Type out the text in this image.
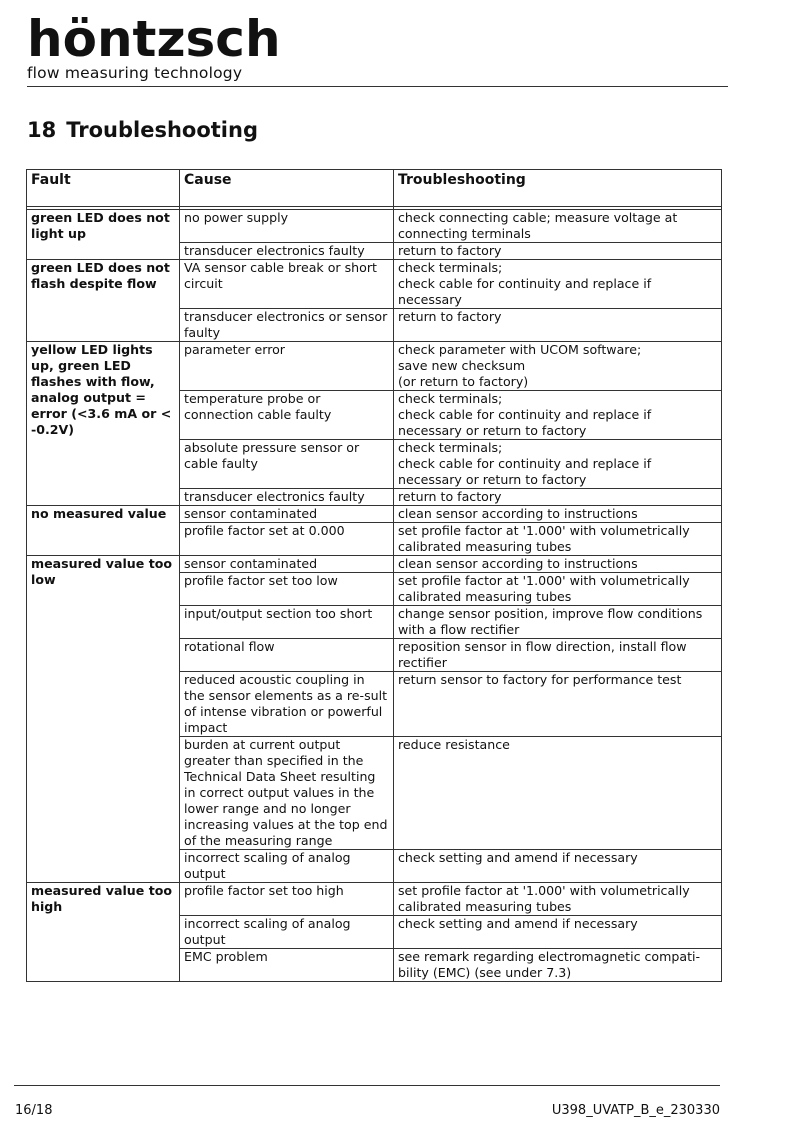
höntzsch
flow measuring technology
18 Troubleshooting
Fault	Cause	Troubleshooting

green LED does not light up	no power supply	check connecting cable; measure voltage at connecting terminals
	transducer electronics faulty	return to factory
green LED does not flash despite flow	VA sensor cable break or short circuit	check terminals;
check cable for continuity and replace if necessary
	transducer electronics or sensor faulty	return to factory
yellow LED lights up, green LED flashes with flow, analog output = error (<3.6 mA or < -0.2V)	parameter error	check parameter with UCOM software;
save new checksum
(or return to factory)
	temperature probe or connection cable faulty	check terminals;
check cable for continuity and replace if necessary or return to factory
	absolute pressure sensor or cable faulty	check terminals;
check cable for continuity and replace if necessary or return to factory
	transducer electronics faulty	return to factory
no measured value	sensor contaminated	clean sensor according to instructions
	profile factor set at 0.000	set profile factor at '1.000' with volumetrically calibrated measuring tubes
measured value too low	sensor contaminated	clean sensor according to instructions
	profile factor set too low	set profile factor at '1.000' with volumetrically calibrated measuring tubes
	input/output section too short	change sensor position, improve flow conditions with a flow rectifier
	rotational flow	reposition sensor in flow direction, install flow rectifier
	reduced acoustic coupling in the sensor elements as a re-sult of intense vibration or powerful impact	return sensor to factory for performance test
	burden at current output greater than specified in the Technical Data Sheet resulting in correct output values in the lower range and no longer increasing values at the top end of the measuring range	reduce resistance
	incorrect scaling of analog output	check setting and amend if necessary
measured value too high	profile factor set too high	set profile factor at '1.000' with volumetrically calibrated measuring tubes
	incorrect scaling of analog output	check setting and amend if necessary
	EMC problem	see remark regarding electromagnetic compati-bility (EMC) (see under 7.3)
16/18	U398_UVATP_B_e_230330
